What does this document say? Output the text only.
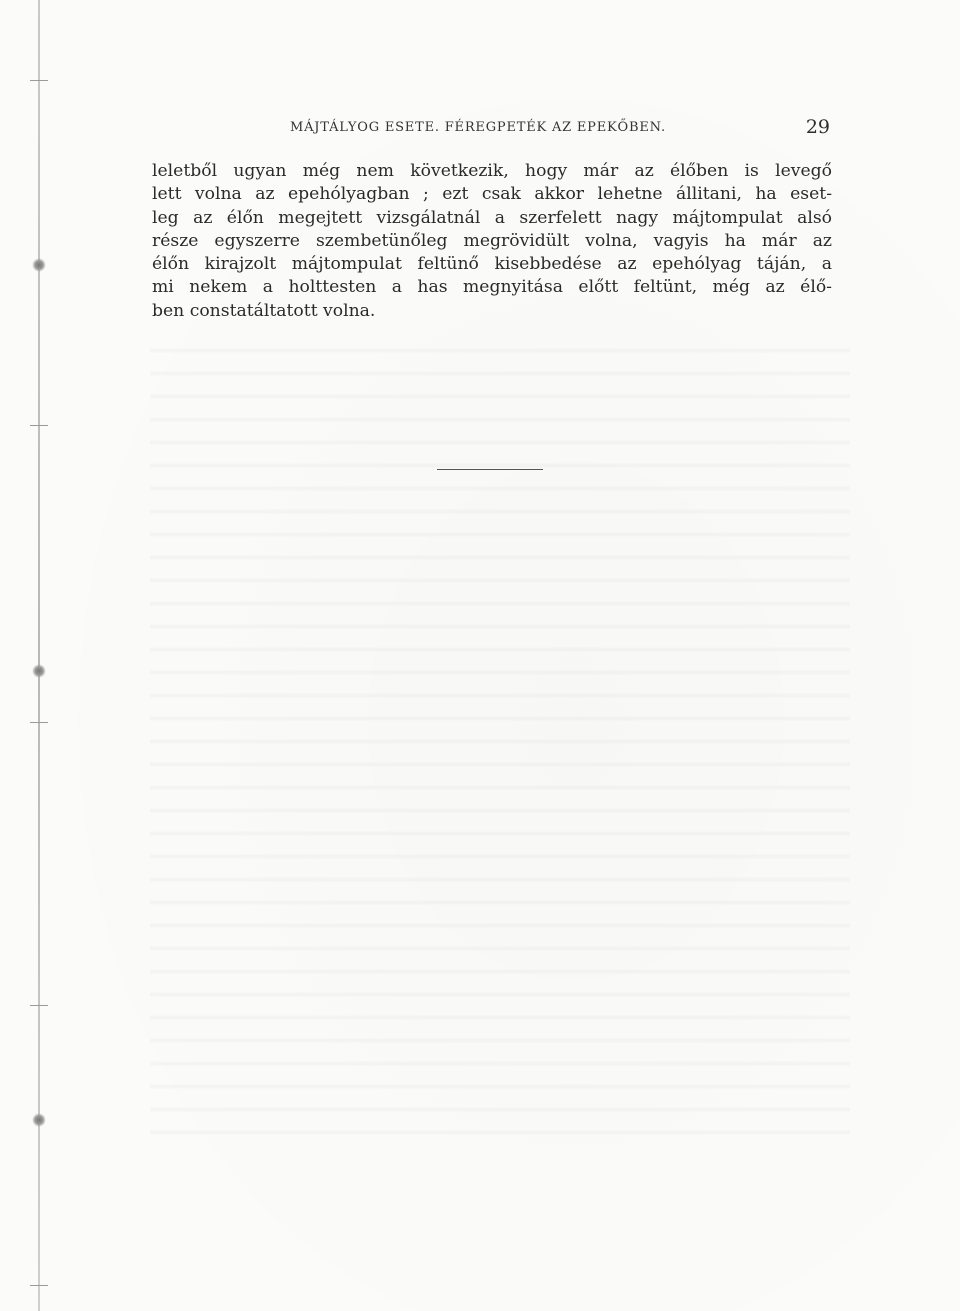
MÁJTÁLYOG ESETE. FÉREGPETÉK AZ EPEKŐBEN.	29
leletből ugyan még nem következik, hogy már az élőben is levegő
lett volna az epehólyagban ; ezt csak akkor lehetne állitani, ha eset-
leg az élőn megejtett vizsgálatnál a szerfelett nagy májtompulat alsó
része egyszerre szembetünőleg megrövidült volna, vagyis ha már az
élőn kirajzolt májtompulat feltünő kisebbedése az epehólyag táján, a
mi nekem a holttesten a has megnyitása előtt feltünt, még az élő-
ben constatáltatott volna.
